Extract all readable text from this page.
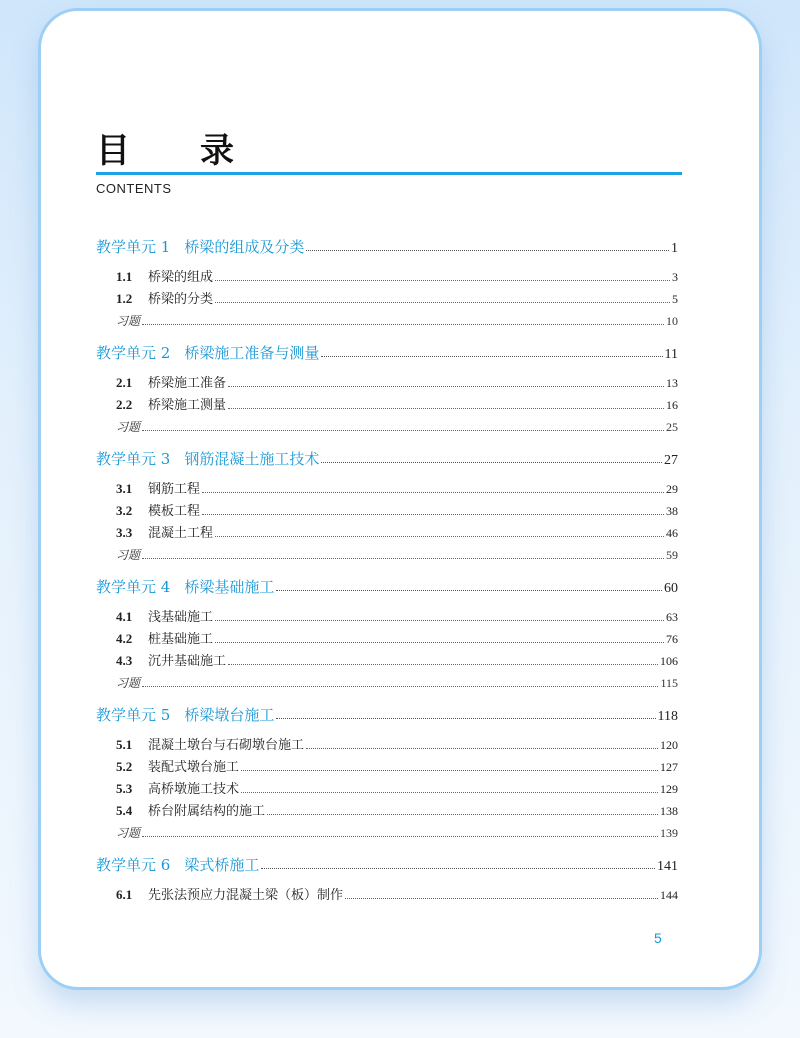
目　录
CONTENTS
教学单元 1 桥梁的组成及分类	1
1.1 桥梁的组成	3
1.2 桥梁的分类	5
习题	10
教学单元 2 桥梁施工准备与测量	11
2.1 桥梁施工准备	13
2.2 桥梁施工测量	16
习题	25
教学单元 3 钢筋混凝土施工技术	27
3.1 钢筋工程	29
3.2 模板工程	38
3.3 混凝土工程	46
习题	59
教学单元 4 桥梁基础施工	60
4.1 浅基础施工	63
4.2 桩基础施工	76
4.3 沉井基础施工	106
习题	115
教学单元 5 桥梁墩台施工	118
5.1 混凝土墩台与石砌墩台施工	120
5.2 装配式墩台施工	127
5.3 高桥墩施工技术	129
5.4 桥台附属结构的施工	138
习题	139
教学单元 6 梁式桥施工	141
6.1 先张法预应力混凝土梁（板）制作	144
5
